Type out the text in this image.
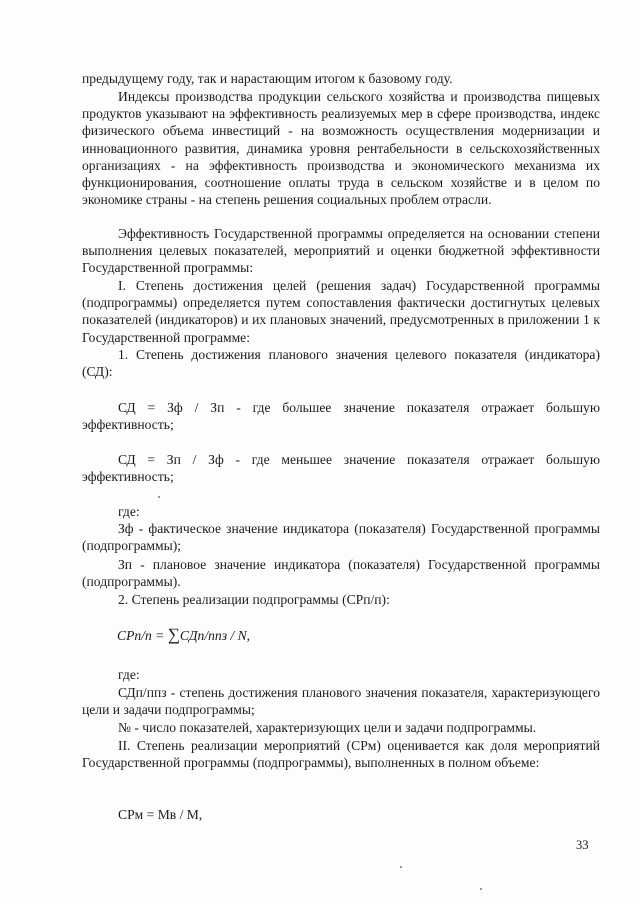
предыдущему году, так и нарастающим итогом к базовому году.

Индексы производства продукции сельского хозяйства и производства пищевых продуктов указывают на эффективность реализуемых мер в сфере производства, индекс физического объема инвестиций - на возможность осуществления модернизации и инновационного развития, динамика уровня рентабельности в сельскохозяйственных организациях - на эффективность производства и экономического механизма их функционирования, соотношение оплаты труда в сельском хозяйстве и в целом по экономике страны - на степень решения социальных проблем отрасли.

Эффективность Государственной программы определяется на основании степени выполнения целевых показателей, мероприятий и оценки бюджетной эффективности Государственной программы:

I. Степень достижения целей (решения задач) Государственной программы (подпрограммы) определяется путем сопоставления фактически достигнутых целевых показателей (индикаторов) и их плановых значений, предусмотренных в приложении 1 к Государственной программе:

1. Степень достижения планового значения целевого показателя (индикатора) (СД):

СД = Зф / Зп - где большее значение показателя отражает большую эффективность;

СД = Зп / Зф - где меньшее значение показателя отражает большую эффективность;

где:

Зф - фактическое значение индикатора (показателя) Государственной программы (подпрограммы);

Зп - плановое значение индикатора (показателя) Государственной программы (подпрограммы).

2. Степень реализации подпрограммы (СРп/п):

СРп/п = ∑СДп/ппз / N,

где:

СДп/ппз - степень достижения планового значения показателя, характеризующего цели и задачи подпрограммы;

№ - число показателей, характеризующих цели и задачи подпрограммы.

II. Степень реализации мероприятий (СРм) оценивается как доля мероприятий Государственной программы (подпрограммы), выполненных в полном объеме:

СРм = Мв / М,

33
